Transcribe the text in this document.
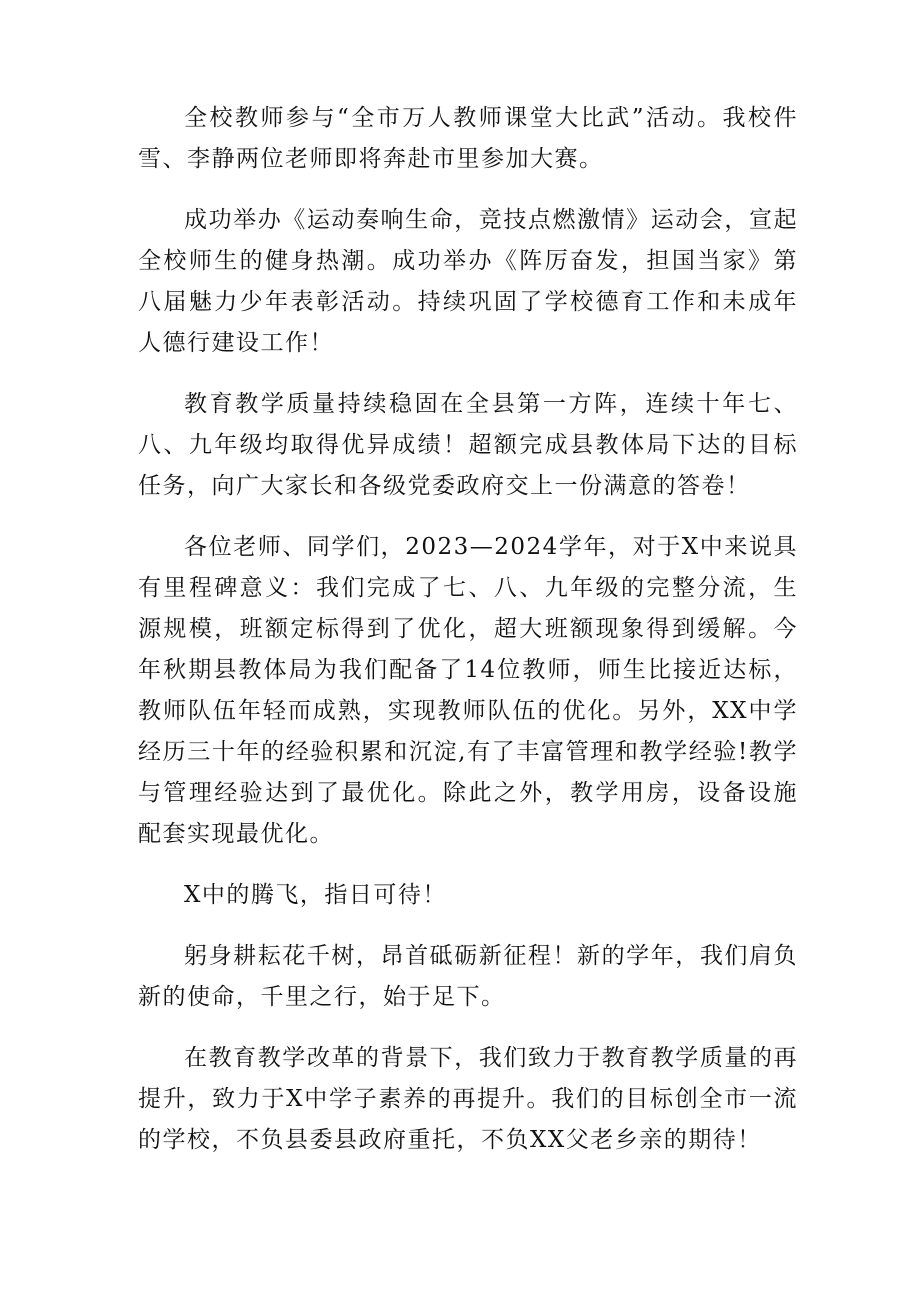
全校教师参与“全市万人教师课堂大比武”活动。我校件雪、李静两位老师即将奔赴市里参加大赛。

成功举办《运动奏响生命，竞技点燃激情》运动会，宣起全校师生的健身热潮。成功举办《阵厉奋发，担国当家》第八届魅力少年表彰活动。持续巩固了学校德育工作和未成年人德行建设工作！

教育教学质量持续稳固在全县第一方阵，连续十年七、八、九年级均取得优异成绩！超额完成县教体局下达的目标任务，向广大家长和各级党委政府交上一份满意的答卷！

各位老师、同学们，2023—2024学年，对于X中来说具有里程碑意义：我们完成了七、八、九年级的完整分流，生源规模，班额定标得到了优化，超大班额现象得到缓解。今年秋期县教体局为我们配备了14位教师，师生比接近达标，教师队伍年轻而成熟，实现教师队伍的优化。另外，XX中学经历三十年的经验积累和沉淀,有了丰富管理和教学经验!教学与管理经验达到了最优化。除此之外，教学用房，设备设施配套实现最优化。

X中的腾飞，指日可待！

躬身耕耘花千树，昂首砥砺新征程！新的学年，我们肩负新的使命，千里之行，始于足下。

在教育教学改革的背景下，我们致力于教育教学质量的再提升，致力于X中学子素养的再提升。我们的目标创全市一流的学校，不负县委县政府重托，不负XX父老乡亲的期待！
